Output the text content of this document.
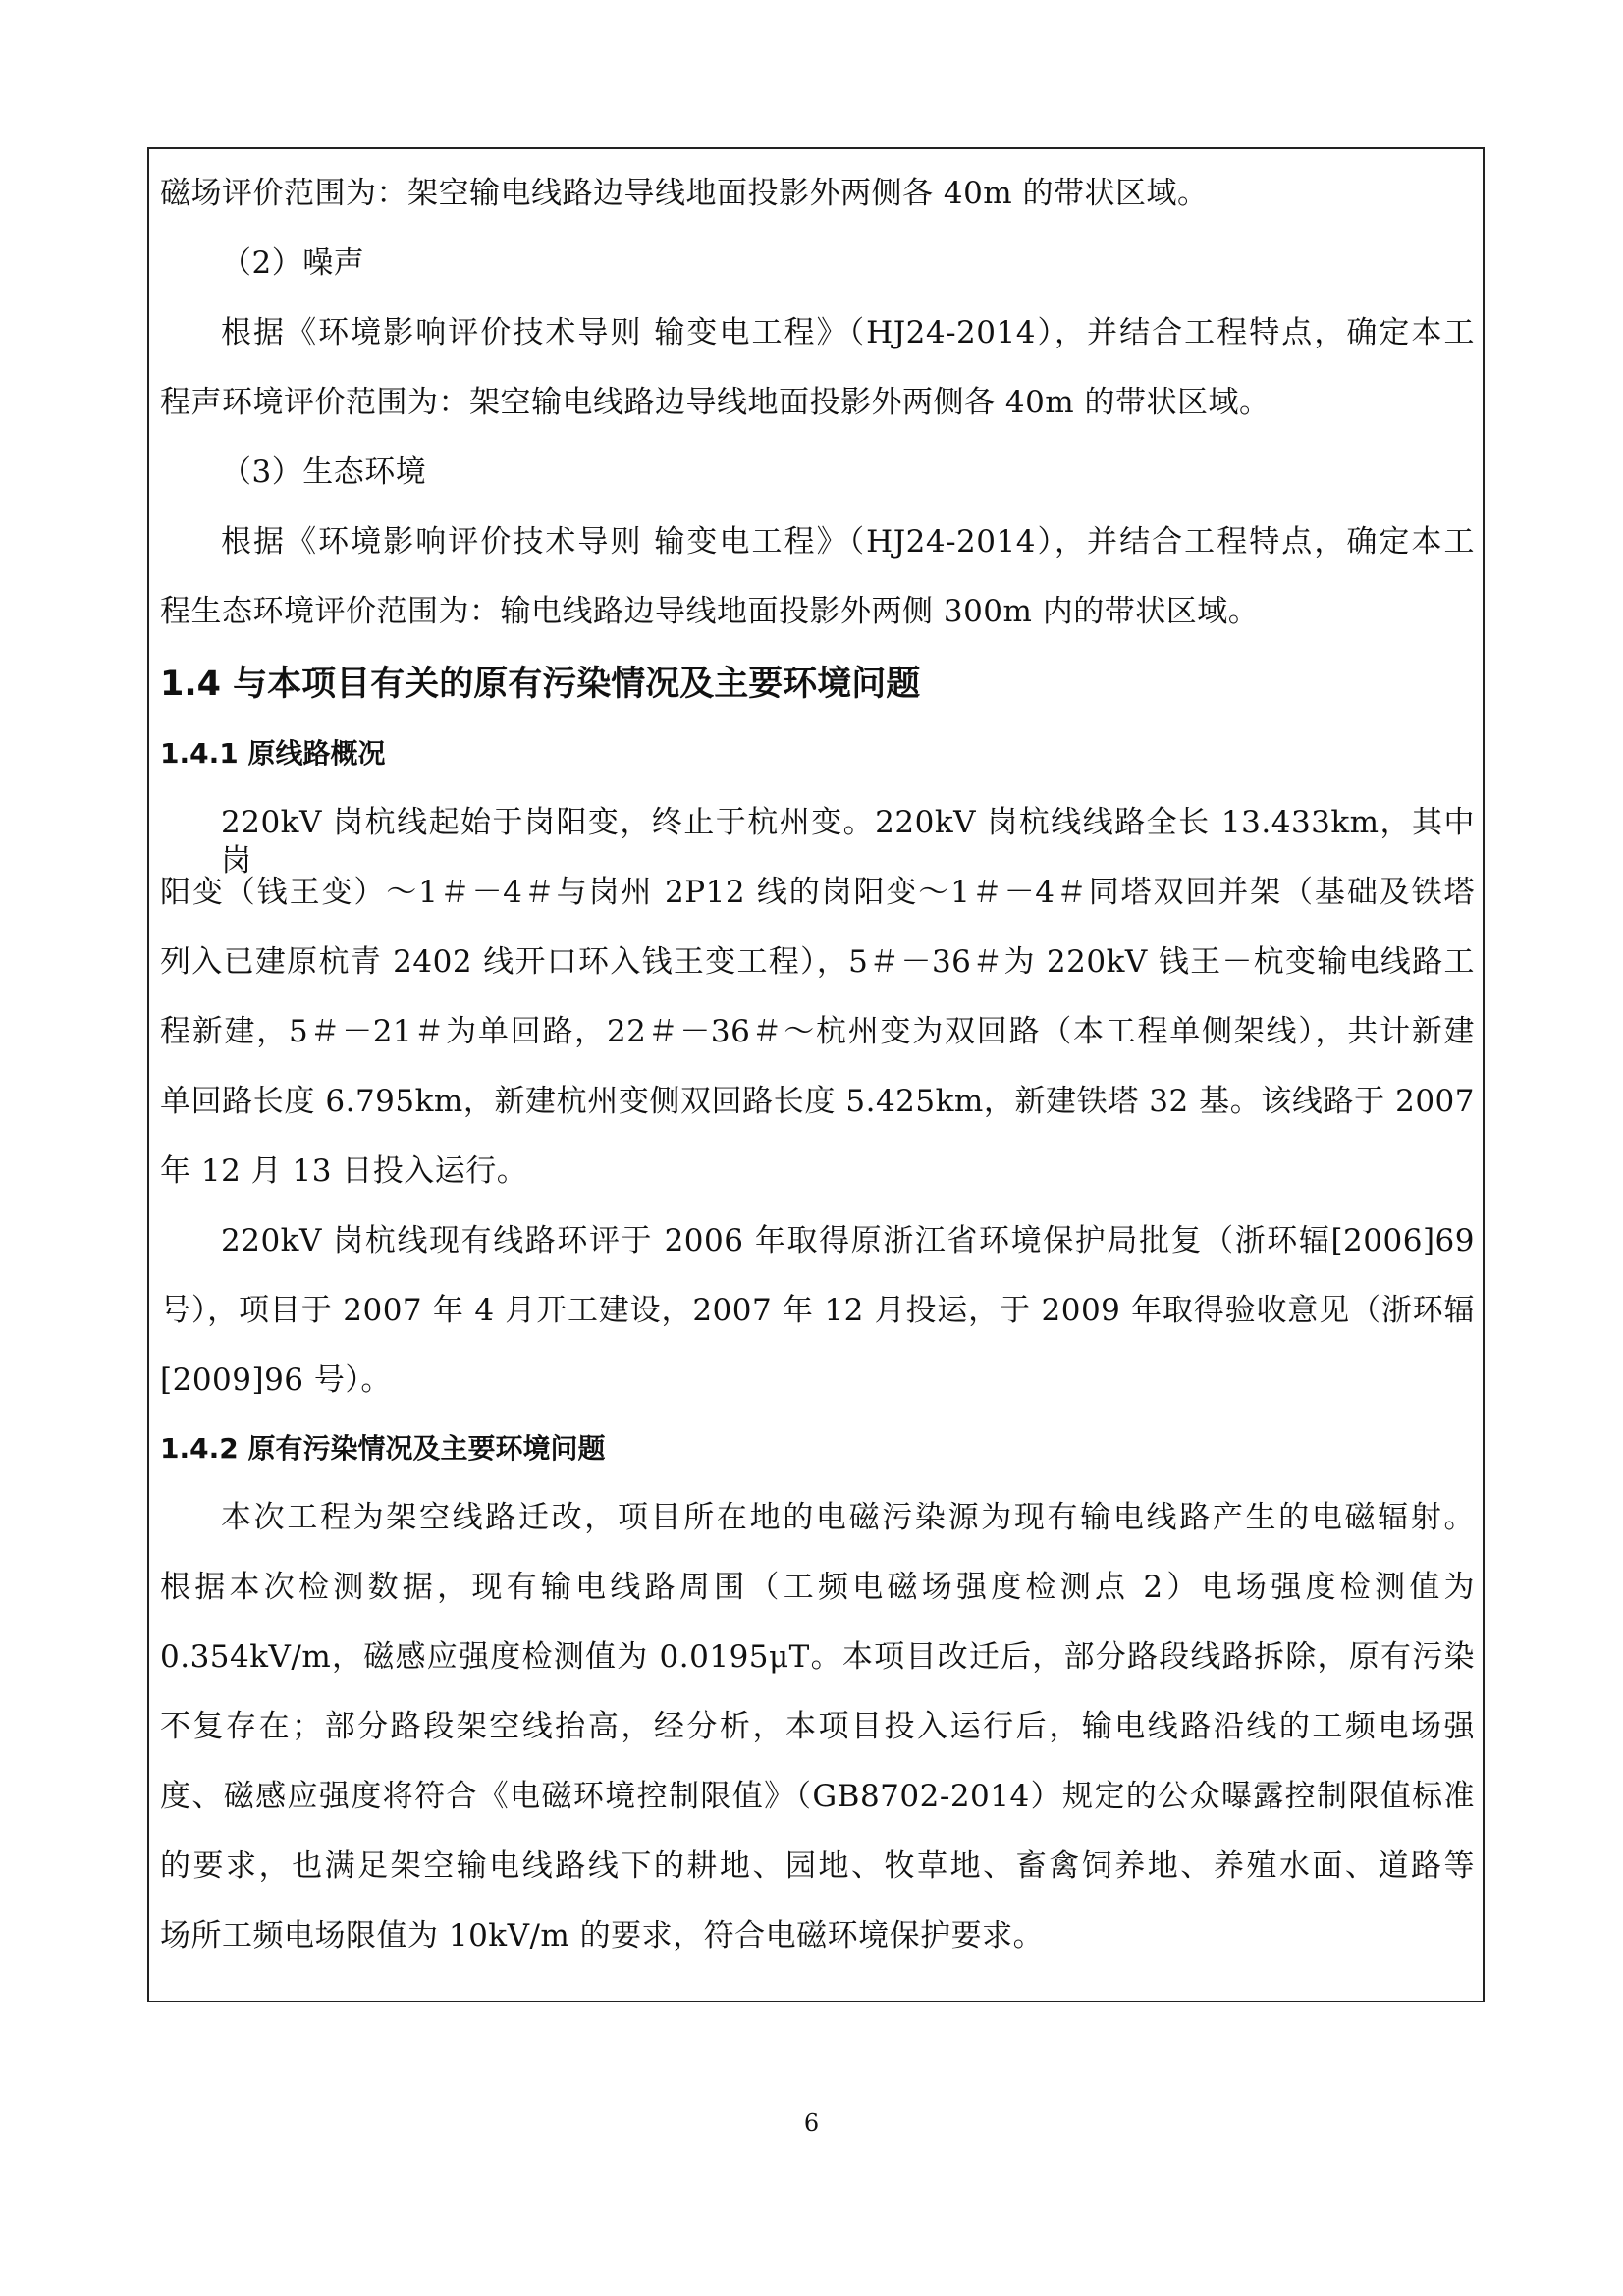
磁场评价范围为：架空输电线路边导线地面投影外两侧各 40m 的带状区域。
（2）噪声
根据《环境影响评价技术导则 输变电工程》（HJ24-2014），并结合工程特点，确定本工
程声环境评价范围为：架空输电线路边导线地面投影外两侧各 40m 的带状区域。
（3）生态环境
根据《环境影响评价技术导则 输变电工程》（HJ24-2014），并结合工程特点，确定本工
程生态环境评价范围为：输电线路边导线地面投影外两侧 300m 内的带状区域。
1.4 与本项目有关的原有污染情况及主要环境问题
1.4.1 原线路概况
220kV 岗杭线起始于岗阳变，终止于杭州变。220kV 岗杭线线路全长 13.433km，其中岗
阳变（钱王变）～1＃－4＃与岗州 2P12 线的岗阳变～1＃－4＃同塔双回并架（基础及铁塔
列入已建原杭青 2402 线开口环入钱王变工程），5＃－36＃为 220kV 钱王－杭变输电线路工
程新建，5＃－21＃为单回路，22＃－36＃～杭州变为双回路（本工程单侧架线），共计新建
单回路长度 6.795km，新建杭州变侧双回路长度 5.425km，新建铁塔 32 基。该线路于 2007
年 12 月 13 日投入运行。
220kV 岗杭线现有线路环评于 2006 年取得原浙江省环境保护局批复（浙环辐[2006]69
号），项目于 2007 年 4 月开工建设，2007 年 12 月投运，于 2009 年取得验收意见（浙环辐
[2009]96 号）。
1.4.2 原有污染情况及主要环境问题
本次工程为架空线路迁改，项目所在地的电磁污染源为现有输电线路产生的电磁辐射。
根据本次检测数据，现有输电线路周围（工频电磁场强度检测点 2）电场强度检测值为
0.354kV/m，磁感应强度检测值为 0.0195μT。本项目改迁后，部分路段线路拆除，原有污染
不复存在；部分路段架空线抬高，经分析，本项目投入运行后，输电线路沿线的工频电场强
度、磁感应强度将符合《电磁环境控制限值》（GB8702-2014）规定的公众曝露控制限值标准
的要求，也满足架空输电线路线下的耕地、园地、牧草地、畜禽饲养地、养殖水面、道路等
场所工频电场限值为 10kV/m 的要求，符合电磁环境保护要求。
6
